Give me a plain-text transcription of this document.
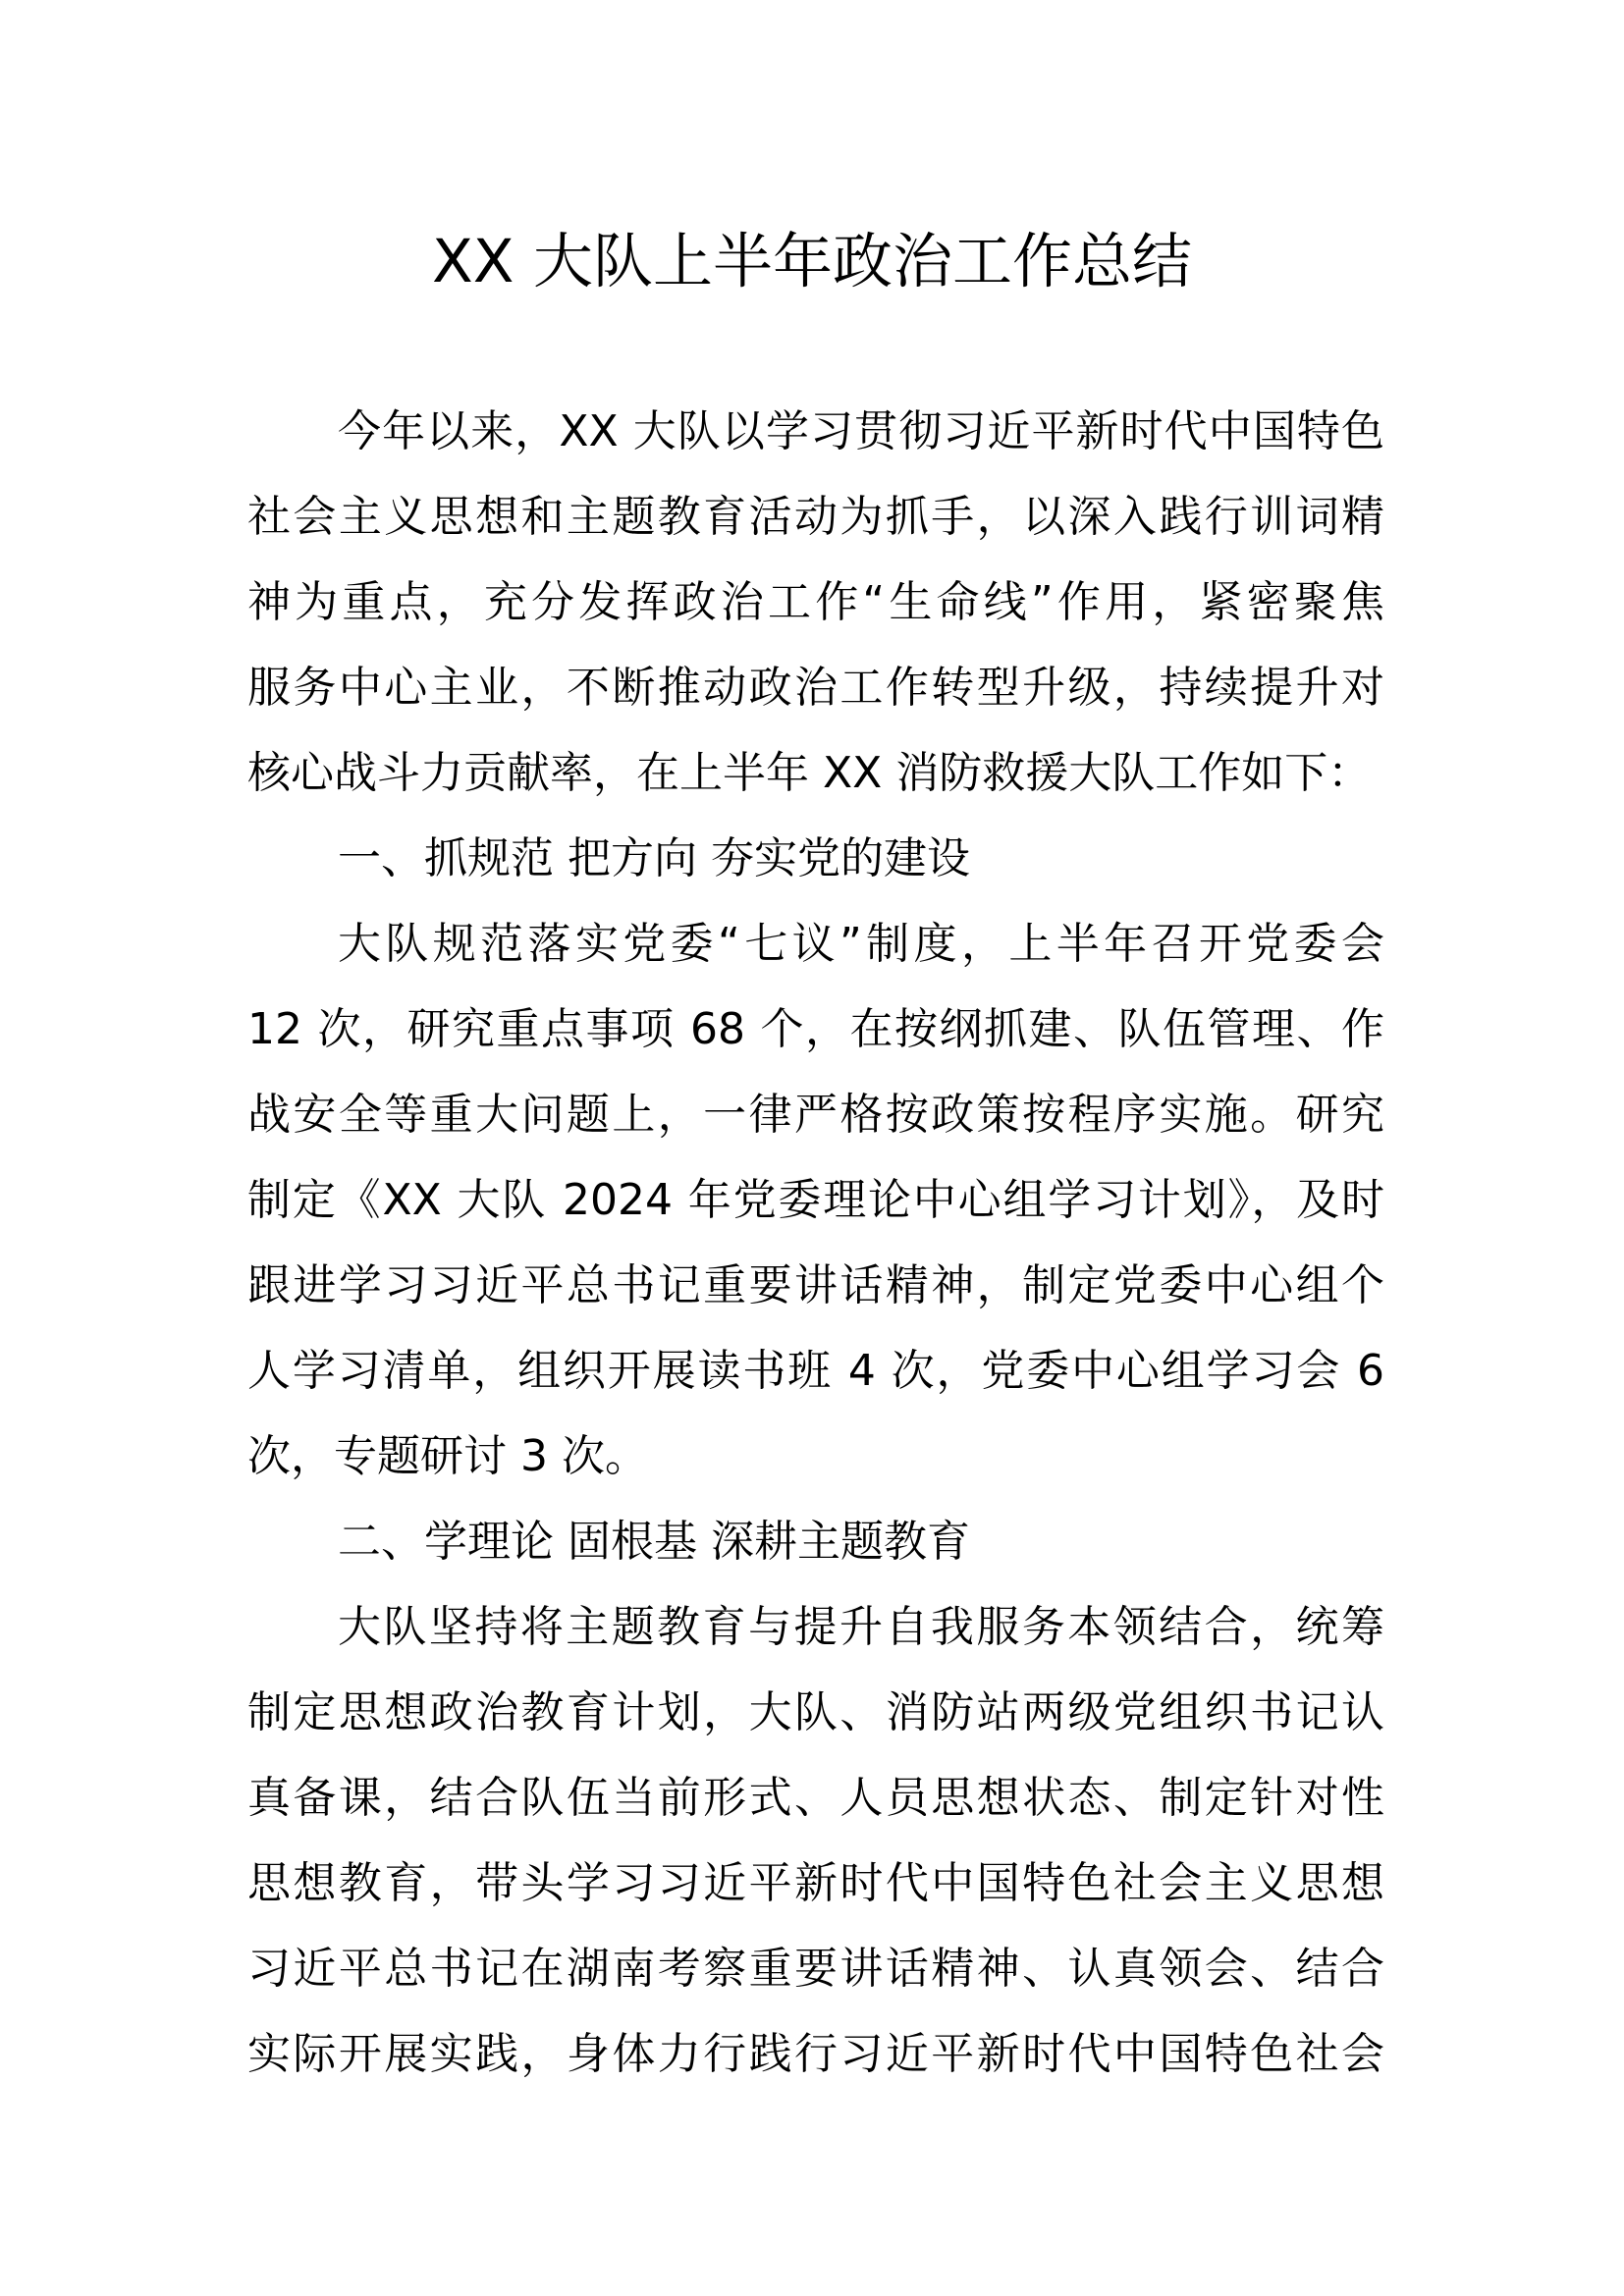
XX 大队上半年政治工作总结
今年以来，XX 大队以学习贯彻习近平新时代中国特色
社会主义思想和主题教育活动为抓手，以深入践行训词精
神为重点，充分发挥政治工作“生命线”作用，紧密聚焦
服务中心主业，不断推动政治工作转型升级，持续提升对
核心战斗力贡献率，在上半年 XX 消防救援大队工作如下：
一、抓规范 把方向 夯实党的建设
大队规范落实党委“七议”制度，上半年召开党委会
12 次，研究重点事项 68 个，在按纲抓建、队伍管理、作
战安全等重大问题上，一律严格按政策按程序实施。研究
制定《XX 大队 2024 年党委理论中心组学习计划》，及时
跟进学习习近平总书记重要讲话精神，制定党委中心组个
人学习清单，组织开展读书班 4 次，党委中心组学习会 6
次，专题研讨 3 次。
二、学理论 固根基 深耕主题教育
大队坚持将主题教育与提升自我服务本领结合，统筹
制定思想政治教育计划，大队、消防站两级党组织书记认
真备课，结合队伍当前形式、人员思想状态、制定针对性
思想教育，带头学习习近平新时代中国特色社会主义思想
习近平总书记在湖南考察重要讲话精神、认真领会、结合
实际开展实践，身体力行践行习近平新时代中国特色社会
